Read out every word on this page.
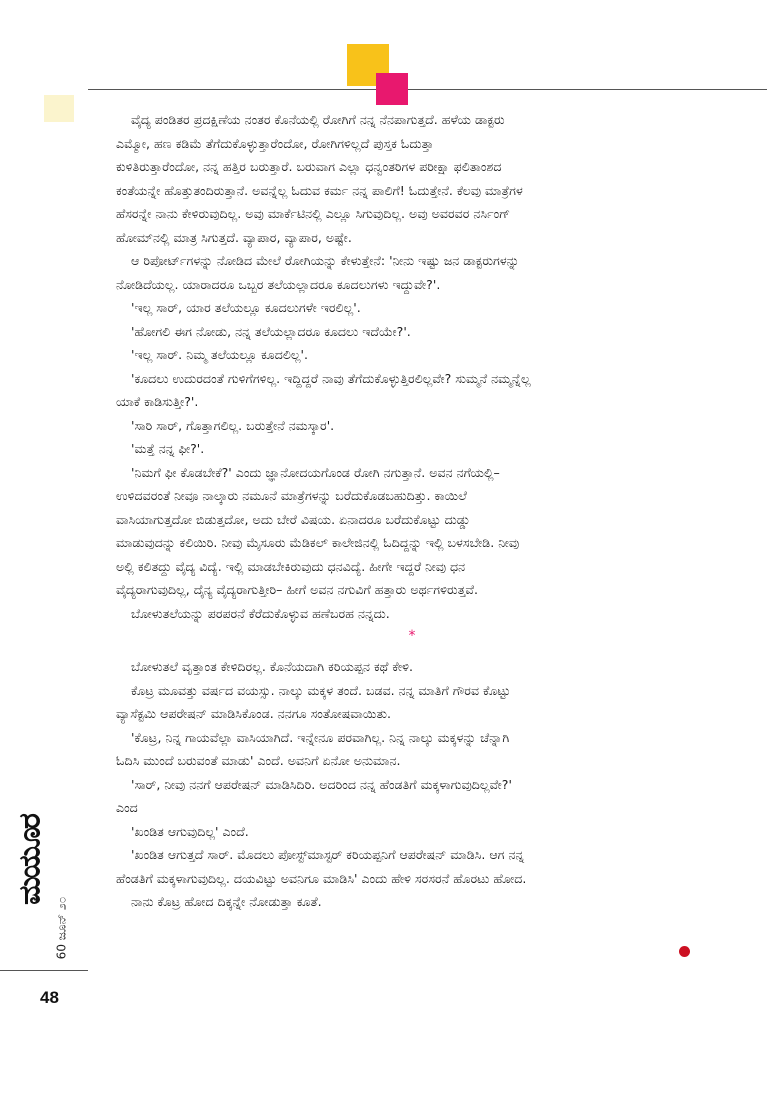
ವೈದ್ಯ ಪಂಡಿತರ ಪ್ರದಕ್ಷಿಣೆಯ ನಂತರ ಕೊನೆಯಲ್ಲಿ ರೋಗಿಗೆ ನನ್ನ ನೆನಪಾಗುತ್ತದೆ. ಹಳೆಯ ಡಾಕ್ಟರು

ಎಮ್ಮೋ, ಹಣ ಕಡಿಮೆ ತೆಗೆದುಕೊಳ್ಳುತ್ತಾರೆಂದೋ, ರೋಗಿಗಳಿಲ್ಲದೆ ಪುಸ್ತಕ ಓದುತ್ತಾ

ಕುಳಿತಿರುತ್ತಾರೆಂದೋ, ನನ್ನ ಹತ್ತಿರ ಬರುತ್ತಾರೆ. ಬರುವಾಗ ಎಲ್ಲಾ ಧನ್ವಂತರಿಗಳ ಪರೀಕ್ಷಾ ಫಲಿತಾಂಶದ

ಕಂತೆಯನ್ನೇ ಹೊತ್ತುತಂದಿರುತ್ತಾನೆ. ಅವನ್ನೆಲ್ಲ ಓದುವ ಕರ್ಮ ನನ್ನ ಪಾಲಿಗೆ! ಓದುತ್ತೇನೆ. ಕೆಲವು ಮಾತ್ರೆಗಳ

ಹೆಸರನ್ನೇ ನಾನು ಕೇಳಿರುವುದಿಲ್ಲ. ಅವು ಮಾರ್ಕೆಟಿನಲ್ಲಿ ಎಲ್ಲೂ ಸಿಗುವುದಿಲ್ಲ. ಅವು ಅವರವರ ನರ್ಸಿಂಗ್

ಹೋಮ್‌ನಲ್ಲಿ ಮಾತ್ರ ಸಿಗುತ್ತದೆ. ವ್ಯಾಪಾರ, ವ್ಯಾಪಾರ, ಅಷ್ಟೇ.

ಆ ರಿಪೋರ್ಟ್‌ಗಳನ್ನು ನೋಡಿದ ಮೇಲೆ ರೋಗಿಯನ್ನು ಕೇಳುತ್ತೇನೆ: 'ನೀನು ಇಷ್ಟು ಜನ ಡಾಕ್ಟರುಗಳನ್ನು

ನೋಡಿದೆಯಲ್ಲ. ಯಾರಾದರೂ ಒಬ್ಬರ ತಲೆಯಲ್ಲಾದರೂ ಕೂದಲುಗಳು ಇದ್ದುವೇ?'.

'ಇಲ್ಲ ಸಾರ್, ಯಾರ ತಲೆಯಲ್ಲೂ ಕೂದಲುಗಳೇ ಇರಲಿಲ್ಲ'.

'ಹೋಗಲಿ ಈಗ ನೋಡು, ನನ್ನ ತಲೆಯಲ್ಲಾದರೂ ಕೂದಲು ಇದೆಯೇ?'.

'ಇಲ್ಲ ಸಾರ್. ನಿಮ್ಮ ತಲೆಯಲ್ಲೂ ಕೂದಲಿಲ್ಲ'.

'ಕೂದಲು ಉದುರದಂತೆ ಗುಳಿಗೆಗಳಿಲ್ಲ. ಇದ್ದಿದ್ದರೆ ನಾವು ತೆಗೆದುಕೊಳ್ಳುತ್ತಿರಲಿಲ್ಲವೇ? ಸುಮ್ಮನೆ ನಮ್ಮನ್ನೆಲ್ಲ

ಯಾಕೆ ಕಾಡಿಸುತ್ತೀ?'.

'ಸಾರಿ ಸಾರ್, ಗೊತ್ತಾಗಲಿಲ್ಲ. ಬರುತ್ತೇನೆ ನಮಸ್ಕಾರ'.

'ಮತ್ತೆ ನನ್ನ ಫೀ?'.

'ನಿಮಗೆ ಫೀ ಕೊಡಬೇಕೆ?' ಎಂದು ಜ್ಞಾನೋದಯಗೊಂಡ ರೋಗಿ ನಗುತ್ತಾನೆ. ಅವನ ನಗೆಯಲ್ಲಿ–

ಉಳಿದವರಂತೆ ನೀವೂ ನಾಲ್ಕಾರು ನಮೂನೆ ಮಾತ್ರೆಗಳನ್ನು ಬರೆದುಕೊಡಬಹುದಿತ್ತು. ಕಾಯಿಲೆ

ವಾಸಿಯಾಗುತ್ತದೋ ಬಿಡುತ್ತದೋ, ಅದು ಬೇರೆ ವಿಷಯ. ಏನಾದರೂ ಬರೆದುಕೊಟ್ಟು ದುಡ್ಡು

ಮಾಡುವುದನ್ನು ಕಲಿಯಿರಿ. ನೀವು ಮೈಸೂರು ಮೆಡಿಕಲ್ ಕಾಲೇಜಿನಲ್ಲಿ ಓದಿದ್ದನ್ನು ಇಲ್ಲಿ ಬಳಸಬೇಡಿ. ನೀವು

ಅಲ್ಲಿ ಕಲಿತದ್ದು ವೈದ್ಯ ವಿದ್ಯೆ. ಇಲ್ಲಿ ಮಾಡಬೇಕಿರುವುದು ಧನವಿದ್ಯೆ. ಹೀಗೇ ಇದ್ದರೆ ನೀವು ಧನ

ವೈದ್ಯರಾಗುವುದಿಲ್ಲ, ದೈನ್ಯ ವೈದ್ಯರಾಗುತ್ತೀರಿ– ಹೀಗೆ ಅವನ ನಗುವಿಗೆ ಹತ್ತಾರು ಅರ್ಥಗಳಿರುತ್ತವೆ.

ಬೋಳುತಲೆಯನ್ನು ಪರಪರನೆ ಕೆರೆದುಕೊಳ್ಳುವ ಹಣೆಬರಹ ನನ್ನದು.

*

ಬೋಳುತಲೆ ವೃತ್ತಾಂತ ಕೇಳಿದಿರಲ್ಲ. ಕೊನೆಯದಾಗಿ ಕರಿಯಪ್ಪನ ಕಥೆ ಕೇಳಿ.

ಕೊಟ್ರ ಮೂವತ್ತು ವರ್ಷದ ವಯಸ್ಸು. ನಾಲ್ಕು ಮಕ್ಕಳ ತಂದೆ. ಬಡವ. ನನ್ನ ಮಾತಿಗೆ ಗೌರವ ಕೊಟ್ಟು

ವ್ಯಾಸೆಕ್ಟಮಿ ಆಪರೇಷನ್ ಮಾಡಿಸಿಕೊಂಡ. ನನಗೂ ಸಂತೋಷವಾಯಿತು.

'ಕೊಟ್ರ, ನಿನ್ನ ಗಾಯವೆಲ್ಲಾ ವಾಸಿಯಾಗಿದೆ. ಇನ್ನೇನೂ ಪರವಾಗಿಲ್ಲ. ನಿನ್ನ ನಾಲ್ಕು ಮಕ್ಕಳನ್ನು ಚೆನ್ನಾಗಿ

ಓದಿಸಿ ಮುಂದೆ ಬರುವಂತೆ ಮಾಡು' ಎಂದೆ. ಅವನಿಗೆ ಏನೋ ಅನುಮಾನ.

'ಸಾರ್, ನೀವು ನನಗೆ ಆಪರೇಷನ್ ಮಾಡಿಸಿದಿರಿ. ಅದರಿಂದ ನನ್ನ ಹೆಂಡತಿಗೆ ಮಕ್ಕಳಾಗುವುದಿಲ್ಲವೇ?'

ಎಂದ

'ಖಂಡಿತ ಆಗುವುದಿಲ್ಲ' ಎಂದೆ.

'ಖಂಡಿತ ಆಗುತ್ತದೆ ಸಾರ್. ಮೊದಲು ಪೋಸ್ಟ್‌ಮಾಸ್ಟರ್ ಕರಿಯಪ್ಪನಿಗೆ ಆಪರೇಷನ್ ಮಾಡಿಸಿ. ಆಗ ನನ್ನ

ಹೆಂಡತಿಗೆ ಮಕ್ಕಳಾಗುವುದಿಲ್ಲ. ದಯವಿಟ್ಟು ಅವನಿಗೂ ಮಾಡಿಸಿ' ಎಂದು ಹೇಳಿ ಸರಸರನೆ ಹೊರಟು ಹೋದ.

ನಾನು ಕೊಟ್ರ ಹೋದ ದಿಕ್ಕನ್ನೇ ನೋಡುತ್ತಾ ಕೂತೆ.

ಮಯೂರ
60 ಜೂನ್ ೨೦
48
